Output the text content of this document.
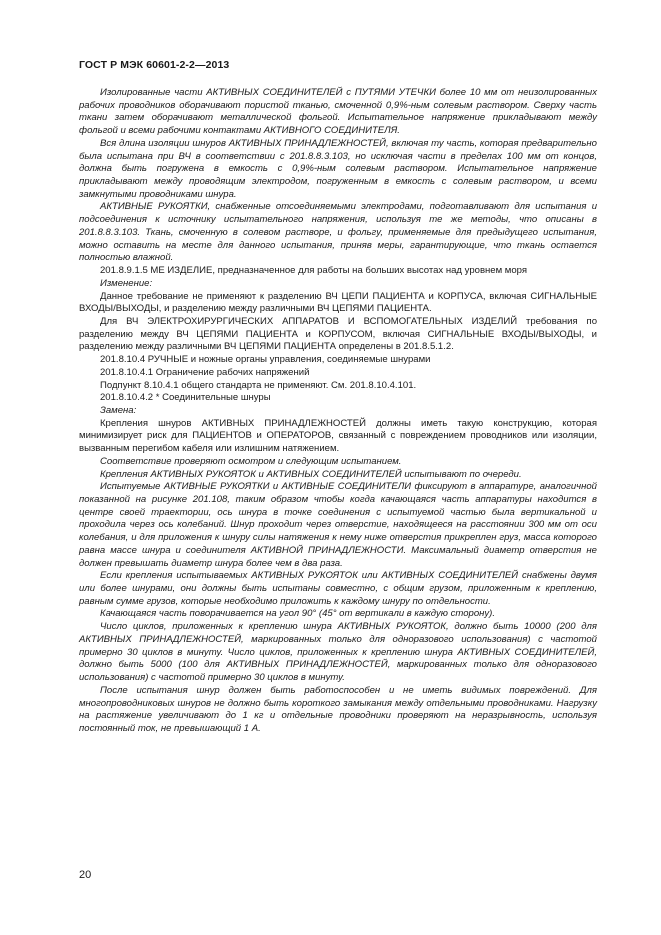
ГОСТ Р МЭК 60601-2-2—2013

Изолированные части АКТИВНЫХ СОЕДИНИТЕЛЕЙ с ПУТЯМИ УТЕЧКИ более 10 мм от неизолированных рабочих проводников оборачивают пористой тканью, смоченной 0,9%-ным солевым раствором. Сверху часть ткани затем оборачивают металлической фольгой. Испытательное напряжение прикладывают между фольгой и всеми рабочими контактами АКТИВНОГО СОЕДИНИТЕЛЯ.

Вся длина изоляции шнуров АКТИВНЫХ ПРИНАДЛЕЖНОСТЕЙ, включая ту часть, которая предварительно была испытана при ВЧ в соответствии с 201.8.8.3.103, но исключая части в пределах 100 мм от концов, должна быть погружена в емкость с 0,9%-ным солевым раствором. Испытательное напряжение прикладывают между проводящим электродом, погруженным в емкость с солевым раствором, и всеми замкнутыми проводниками шнура.

АКТИВНЫЕ РУКОЯТКИ, снабженные отсоединяемыми электродами, подготавливают для испытания и подсоединения к источнику испытательного напряжения, используя те же методы, что описаны в 201.8.8.3.103. Ткань, смоченную в солевом растворе, и фольгу, применяемые для предыдущего испытания, можно оставить на месте для данного испытания, приняв меры, гарантирующие, что ткань остается полностью влажной.

201.8.9.1.5 МЕ ИЗДЕЛИЕ, предназначенное для работы на больших высотах над уровнем моря

Изменение:

Данное требование не применяют к разделению ВЧ ЦЕПИ ПАЦИЕНТА и КОРПУСА, включая СИГНАЛЬНЫЕ ВХОДЫ/ВЫХОДЫ, и разделению между различными ВЧ ЦЕПЯМИ ПАЦИЕНТА.

Для ВЧ ЭЛЕКТРОХИРУРГИЧЕСКИХ АППАРАТОВ И ВСПОМОГАТЕЛЬНЫХ ИЗДЕЛИЙ требования по разделению между ВЧ ЦЕПЯМИ ПАЦИЕНТА и КОРПУСОМ, включая СИГНАЛЬНЫЕ ВХОДЫ/ВЫХОДЫ, и разделению между различными ВЧ ЦЕПЯМИ ПАЦИЕНТА определены в 201.8.5.1.2.

201.8.10.4 РУЧНЫЕ и ножные органы управления, соединяемые шнурами

201.8.10.4.1 Ограничение рабочих напряжений

Подпункт 8.10.4.1 общего стандарта не применяют. См. 201.8.10.4.101.

201.8.10.4.2 * Соединительные шнуры

Замена:

Крепления шнуров АКТИВНЫХ ПРИНАДЛЕЖНОСТЕЙ должны иметь такую конструкцию, которая минимизирует риск для ПАЦИЕНТОВ и ОПЕРАТОРОВ, связанный с повреждением проводников или изоляции, вызванным перегибом кабеля или излишним натяжением.

Соответствие проверяют осмотром и следующим испытанием.

Крепления АКТИВНЫХ РУКОЯТОК и АКТИВНЫХ СОЕДИНИТЕЛЕЙ испытывают по очереди.

Испытуемые АКТИВНЫЕ РУКОЯТКИ и АКТИВНЫЕ СОЕДИНИТЕЛИ фиксируют в аппаратуре, аналогичной показанной на рисунке 201.108, таким образом чтобы когда качающаяся часть аппаратуры находится в центре своей траектории, ось шнура в точке соединения с испытуемой частью была вертикальной и проходила через ось колебаний. Шнур проходит через отверстие, находящееся на расстоянии 300 мм от оси колебания, и для приложения к шнуру силы натяжения к нему ниже отверстия прикреплен груз, масса которого равна массе шнура и соединителя АКТИВНОЙ ПРИНАДЛЕЖНОСТИ. Максимальный диаметр отверстия не должен превышать диаметр шнура более чем в два раза.

Если крепления испытываемых АКТИВНЫХ РУКОЯТОК или АКТИВНЫХ СОЕДИНИТЕЛЕЙ снабжены двумя или более шнурами, они должны быть испытаны совместно, с общим грузом, приложенным к креплению, равным сумме грузов, которые необходимо приложить к каждому шнуру по отдельности.

Качающаяся часть поворачивается на угол 90° (45° от вертикали в каждую сторону).

Число циклов, приложенных к креплению шнура АКТИВНЫХ РУКОЯТОК, должно быть 10000 (200 для АКТИВНЫХ ПРИНАДЛЕЖНОСТЕЙ, маркированных только для одноразового использования) с частотой примерно 30 циклов в минуту. Число циклов, приложенных к креплению шнура АКТИВНЫХ СОЕДИНИТЕЛЕЙ, должно быть 5000 (100 для АКТИВНЫХ ПРИНАДЛЕЖНОСТЕЙ, маркированных только для одноразового использования) с частотой примерно 30 циклов в минуту.

После испытания шнур должен быть работоспособен и не иметь видимых повреждений. Для многопроводниковых шнуров не должно быть короткого замыкания между отдельными проводниками. Нагрузку на растяжение увеличивают до 1 кг и отдельные проводники проверяют на неразрывность, используя постоянный ток, не превышающий 1 А.

20
